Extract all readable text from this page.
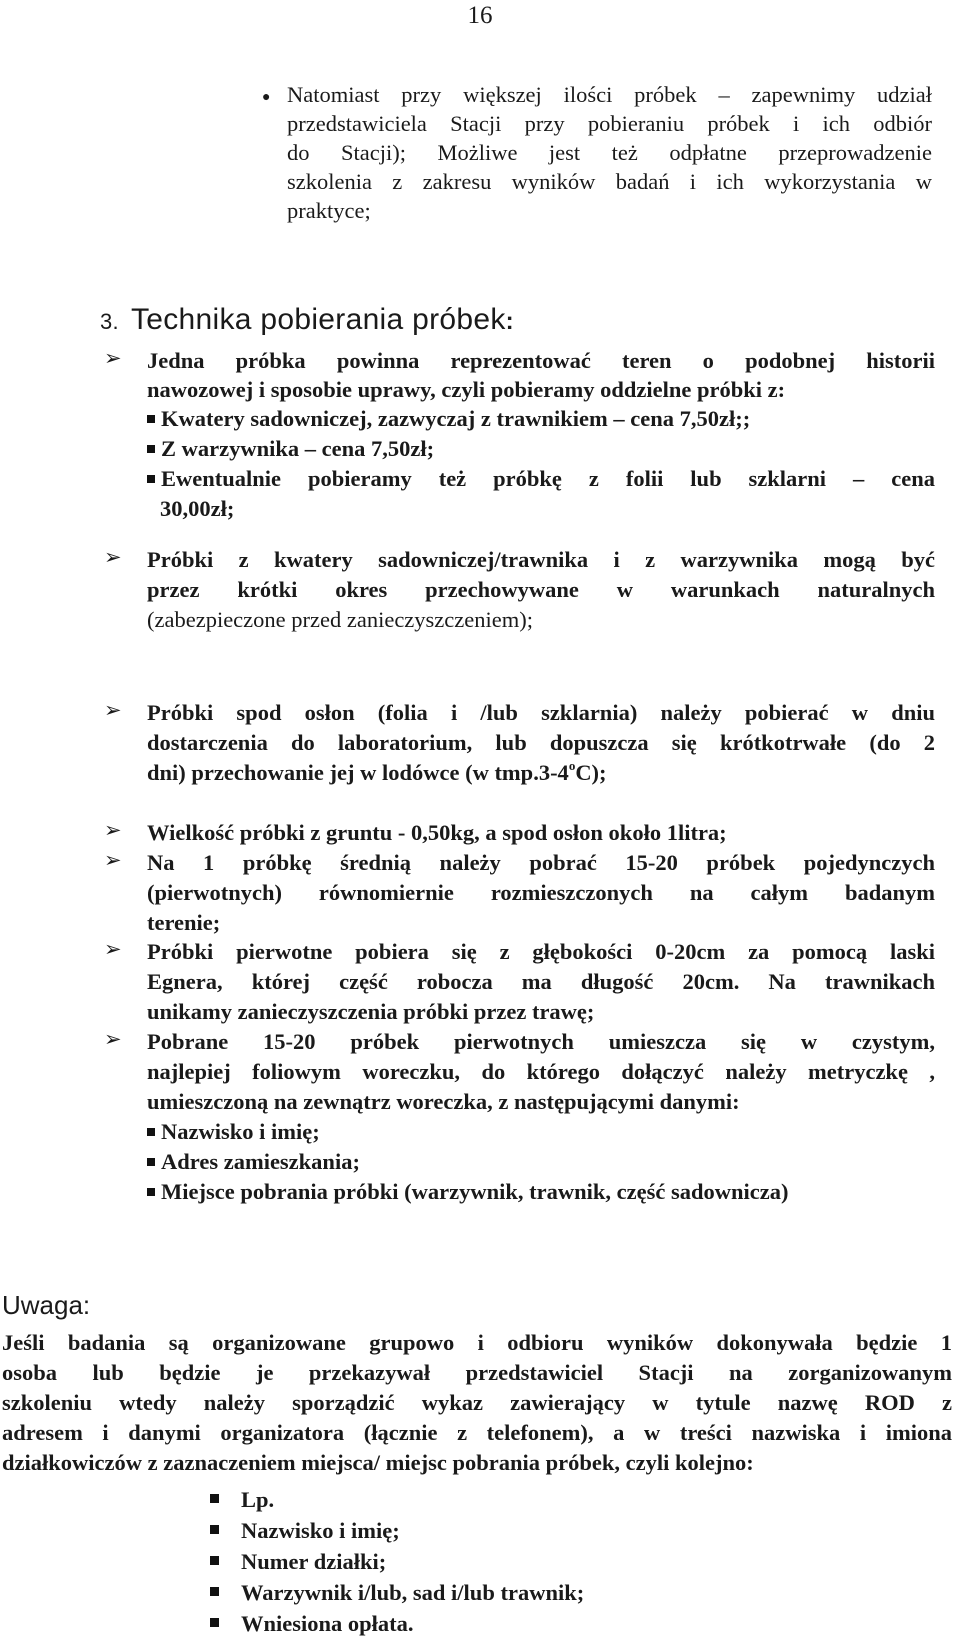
16
● Natomiast przy większej ilości próbek – zapewnimy udział
przedstawiciela Stacji przy pobieraniu próbek i ich odbiór
do Stacji); Możliwe jest też odpłatne przeprowadzenie
szkolenia z zakresu wyników badań i ich wykorzystania w
praktyce;
3. Technika pobierania próbek:
➢ Jedna próbka powinna reprezentować teren o podobnej historii
nawozowej i sposobie uprawy, czyli pobieramy oddzielne próbki z:
Kwatery sadowniczej, zazwyczaj z trawnikiem – cena 7,50zł;;
Z warzywnika – cena 7,50zł;
Ewentualnie pobieramy też próbkę z folii lub szklarni – cena
30,00zł;
➢ Próbki z kwatery sadowniczej/trawnika i z warzywnika mogą być
przez krótki okres przechowywane w warunkach naturalnych
(zabezpieczone przed zanieczyszczeniem);
➢ Próbki spod osłon (folia i /lub szklarnia) należy pobierać w dniu
dostarczenia do laboratorium, lub dopuszcza się krótkotrwałe (do 2
dni) przechowanie jej w lodówce (w tmp.3-4$^o$C);
➢ Wielkość próbki z gruntu - 0,50kg, a spod osłon około 1litra;
➢ Na 1 próbkę średnią należy pobrać 15-20 próbek pojedynczych
(pierwotnych) równomiernie rozmieszczonych na całym badanym
terenie;
➢ Próbki pierwotne pobiera się z głębokości 0-20cm za pomocą laski
Egnera, której część robocza ma długość 20cm. Na trawnikach
unikamy zanieczyszczenia próbki przez trawę;
➢ Pobrane 15-20 próbek pierwotnych umieszcza się w czystym,
najlepiej foliowym woreczku, do którego dołączyć należy metryczkę ,
umieszczoną na zewnątrz woreczka, z następującymi danymi:
Nazwisko i imię;
Adres zamieszkania;
Miejsce pobrania próbki (warzywnik, trawnik, część sadownicza)
Uwaga:
Jeśli badania są organizowane grupowo i odbioru wyników dokonywała będzie 1
osoba lub będzie je przekazywał przedstawiciel Stacji na zorganizowanym
szkoleniu wtedy należy sporządzić wykaz zawierający w tytule nazwę ROD z
adresem i danymi organizatora (łącznie z telefonem), a w treści nazwiska i imiona
działkowiczów z zaznaczeniem miejsca/ miejsc pobrania próbek, czyli kolejno:
Lp.
Nazwisko i imię;
Numer działki;
Warzywnik i/lub, sad i/lub trawnik;
Wniesiona opłata.
